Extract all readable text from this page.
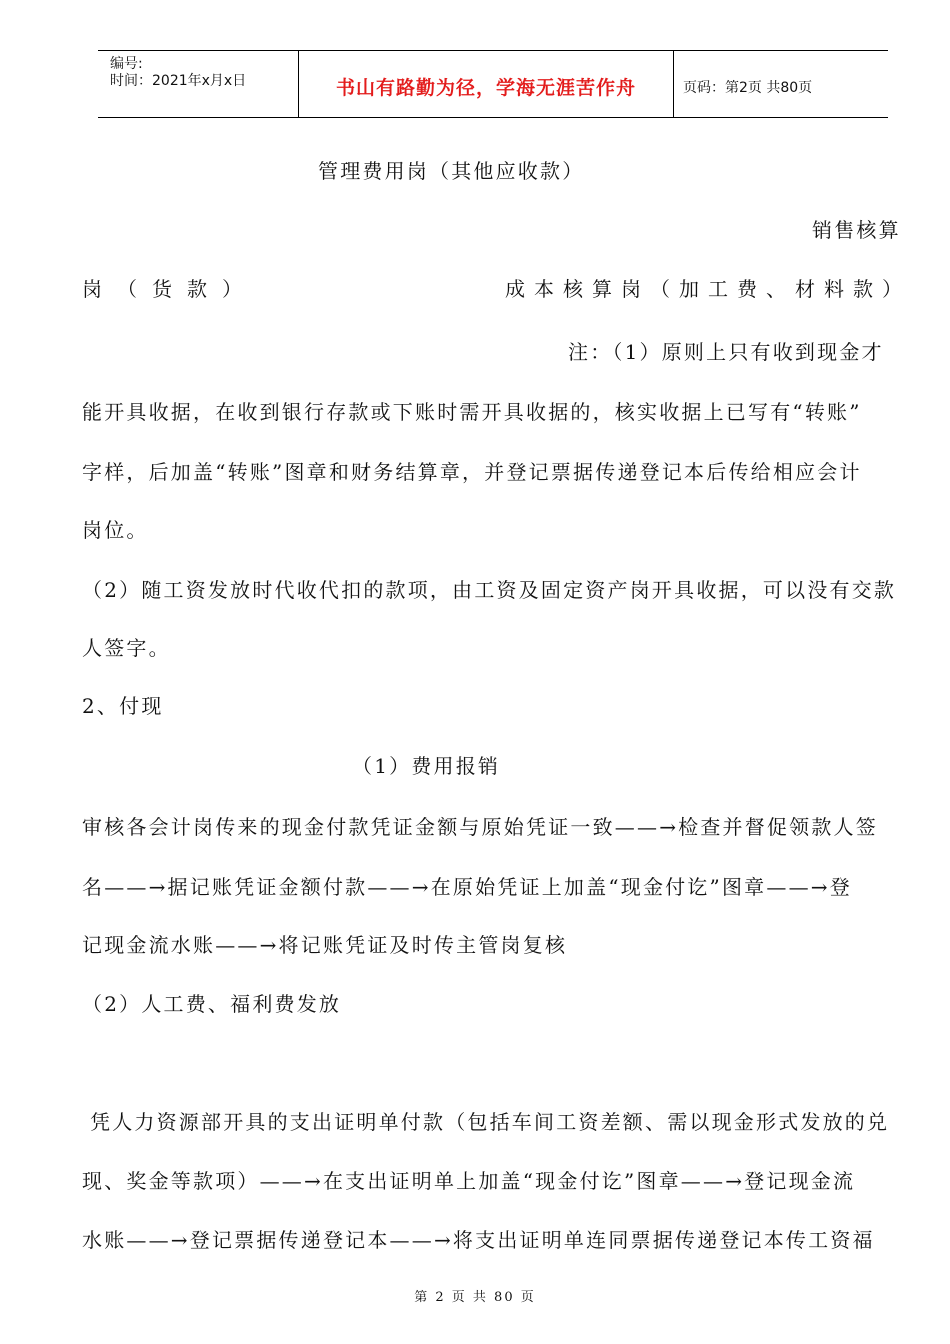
编号:
时间：2021年x月x日	书山有路勤为径，学海无涯苦作舟	页码：第2页 共80页
管理费用岗（其他应收款）
销售核算
岗（货款）	成本核算岗（加工费、材料款）
注：（1）原则上只有收到现金才
能开具收据，在收到银行存款或下账时需开具收据的，核实收据上已写有“转账”
字样，后加盖“转账”图章和财务结算章，并登记票据传递登记本后传给相应会计
岗位。
（2）随工资发放时代收代扣的款项，由工资及固定资产岗开具收据，可以没有交款
人签字。
2、付现
（1）费用报销
审核各会计岗传来的现金付款凭证金额与原始凭证一致——→检查并督促领款人签
名——→据记账凭证金额付款——→在原始凭证上加盖“现金付讫”图章——→登
记现金流水账——→将记账凭证及时传主管岗复核
（2）人工费、福利费发放
凭人力资源部开具的支出证明单付款（包括车间工资差额、需以现金形式发放的兑
现、奖金等款项）——→在支出证明单上加盖“现金付讫”图章——→登记现金流
水账——→登记票据传递登记本——→将支出证明单连同票据传递登记本传工资福
第 2 页 共 80 页
